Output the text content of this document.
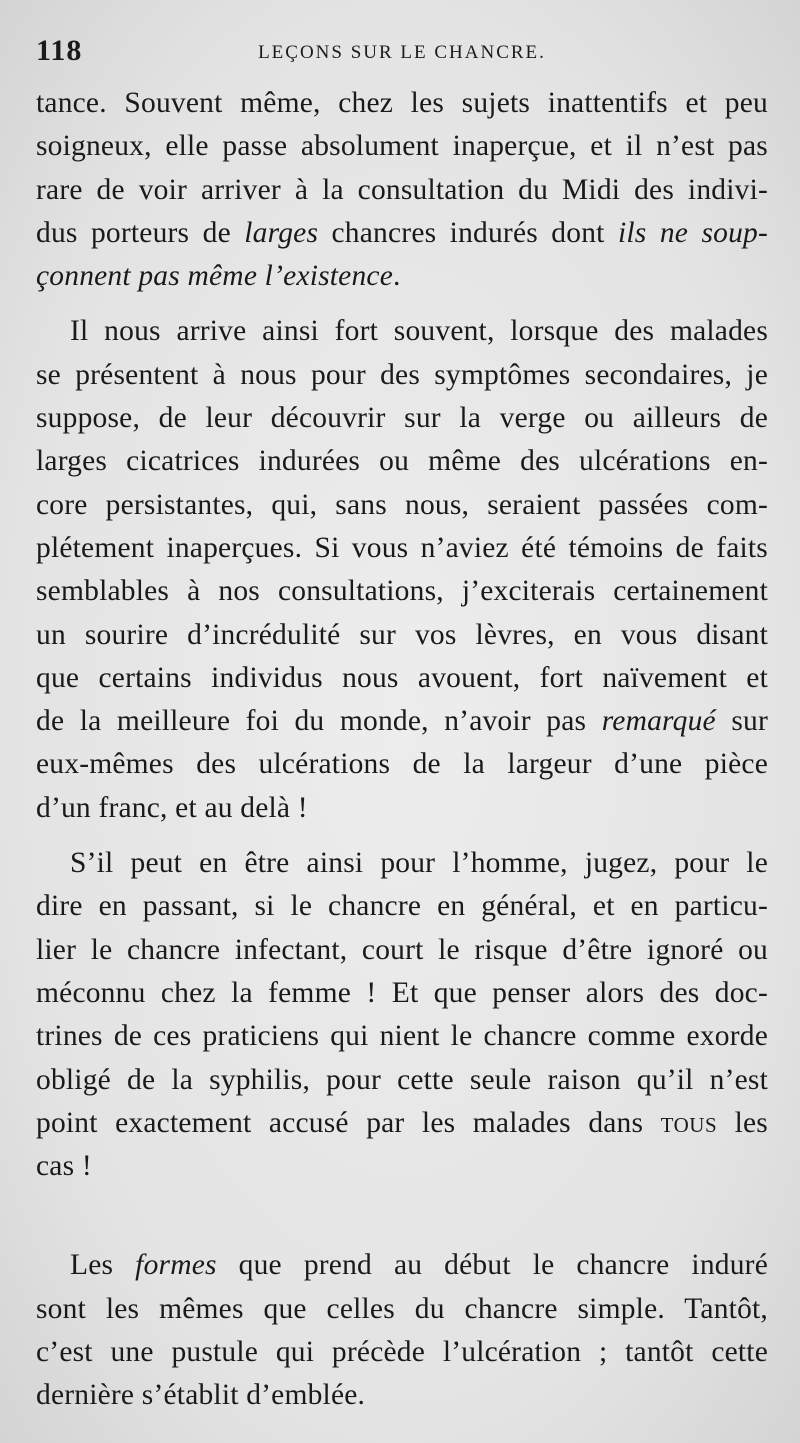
118	LEÇONS SUR LE CHANCRE.
tance. Souvent même, chez les sujets inattentifs et peu
soigneux, elle passe absolument inaperçue, et il n’est pas
rare de voir arriver à la consultation du Midi des indivi-
dus porteurs de larges chancres indurés dont ils ne soup-
çonnent pas même l’existence.
Il nous arrive ainsi fort souvent, lorsque des malades
se présentent à nous pour des symptômes secondaires, je
suppose, de leur découvrir sur la verge ou ailleurs de
larges cicatrices indurées ou même des ulcérations en-
core persistantes, qui, sans nous, seraient passées com-
plétement inaperçues. Si vous n’aviez été témoins de faits
semblables à nos consultations, j’exciterais certainement
un sourire d’incrédulité sur vos lèvres, en vous disant
que certains individus nous avouent, fort naïvement et
de la meilleure foi du monde, n’avoir pas remarqué sur
eux-mêmes des ulcérations de la largeur d’une pièce
d’un franc, et au delà !
S’il peut en être ainsi pour l’homme, jugez, pour le
dire en passant, si le chancre en général, et en particu-
lier le chancre infectant, court le risque d’être ignoré ou
méconnu chez la femme ! Et que penser alors des doc-
trines de ces praticiens qui nient le chancre comme exorde
obligé de la syphilis, pour cette seule raison qu’il n’est
point exactement accusé par les malades dans tous les
cas !
Les formes que prend au début le chancre induré
sont les mêmes que celles du chancre simple. Tantôt,
c’est une pustule qui précède l’ulcération ; tantôt cette
dernière s’établit d’emblée.
